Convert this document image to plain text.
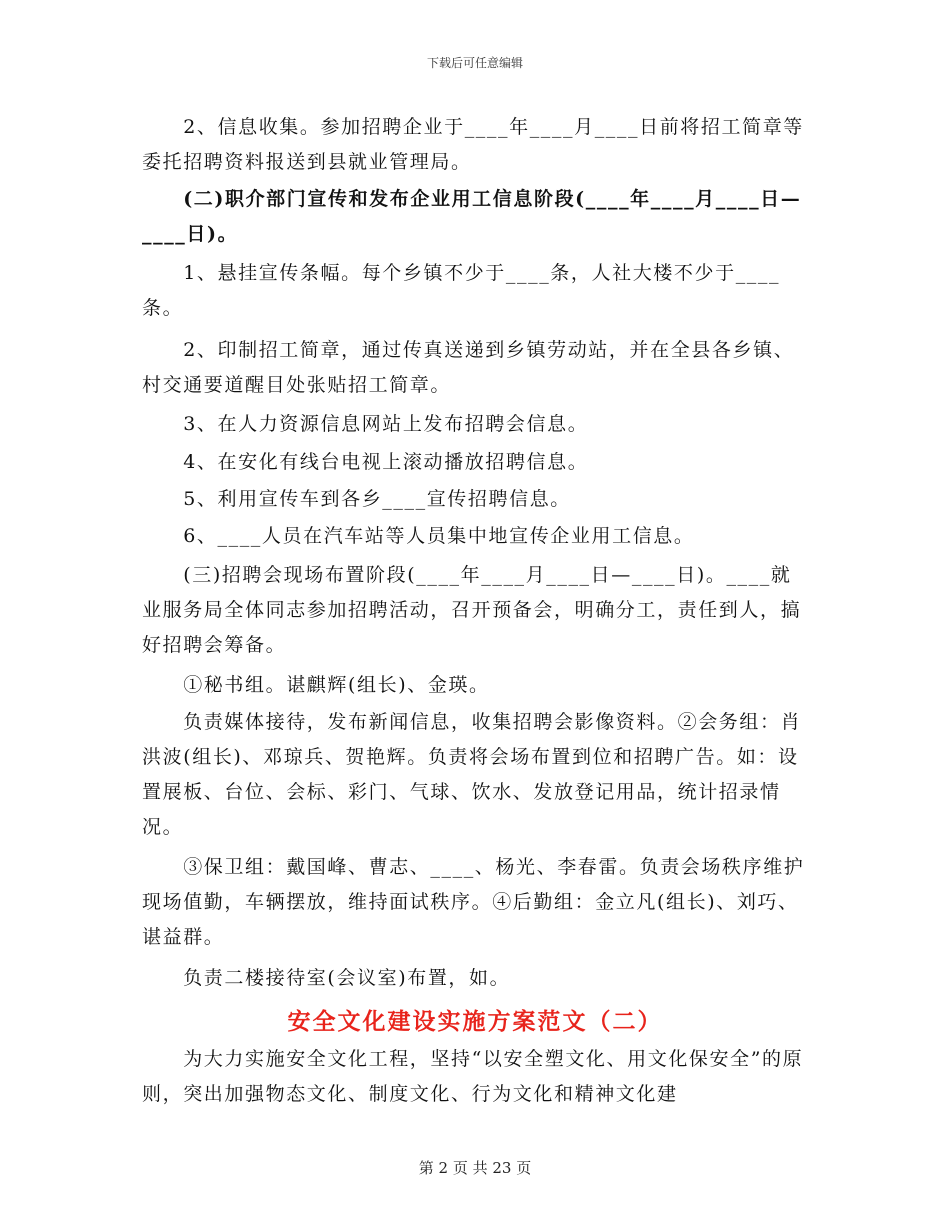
下载后可任意编辑
　　2、信息收集。参加招聘企业于____年____月____日前将招工简章等委托招聘资料报送到县就业管理局。
　　(二)职介部门宣传和发布企业用工信息阶段(____年____月____日—____日)。
　　1、悬挂宣传条幅。每个乡镇不少于____条，人社大楼不少于____条。
　　2、印制招工简章，通过传真送递到乡镇劳动站，并在全县各乡镇、村交通要道醒目处张贴招工简章。
　　3、在人力资源信息网站上发布招聘会信息。
　　4、在安化有线台电视上滚动播放招聘信息。
　　5、利用宣传车到各乡____宣传招聘信息。
　　6、____人员在汽车站等人员集中地宣传企业用工信息。
　　(三)招聘会现场布置阶段(____年____月____日—____日)。____就业服务局全体同志参加招聘活动，召开预备会，明确分工，责任到人，搞好招聘会筹备。
　　①秘书组。谌麒辉(组长)、金瑛。
　　负责媒体接待，发布新闻信息，收集招聘会影像资料。②会务组：肖洪波(组长)、邓琼兵、贺艳辉。负责将会场布置到位和招聘广告。如：设置展板、台位、会标、彩门、气球、饮水、发放登记用品，统计招录情况。
　　③保卫组：戴国峰、曹志、____、杨光、李春雷。负责会场秩序维护现场值勤，车辆摆放，维持面试秩序。④后勤组：金立凡(组长)、刘巧、谌益群。
　　负责二楼接待室(会议室)布置，如。
安全文化建设实施方案范文（二）
　　为大力实施安全文化工程，坚持“以安全塑文化、用文化保安全”的原则，突出加强物态文化、制度文化、行为文化和精神文化建
第 2 页 共 23 页
